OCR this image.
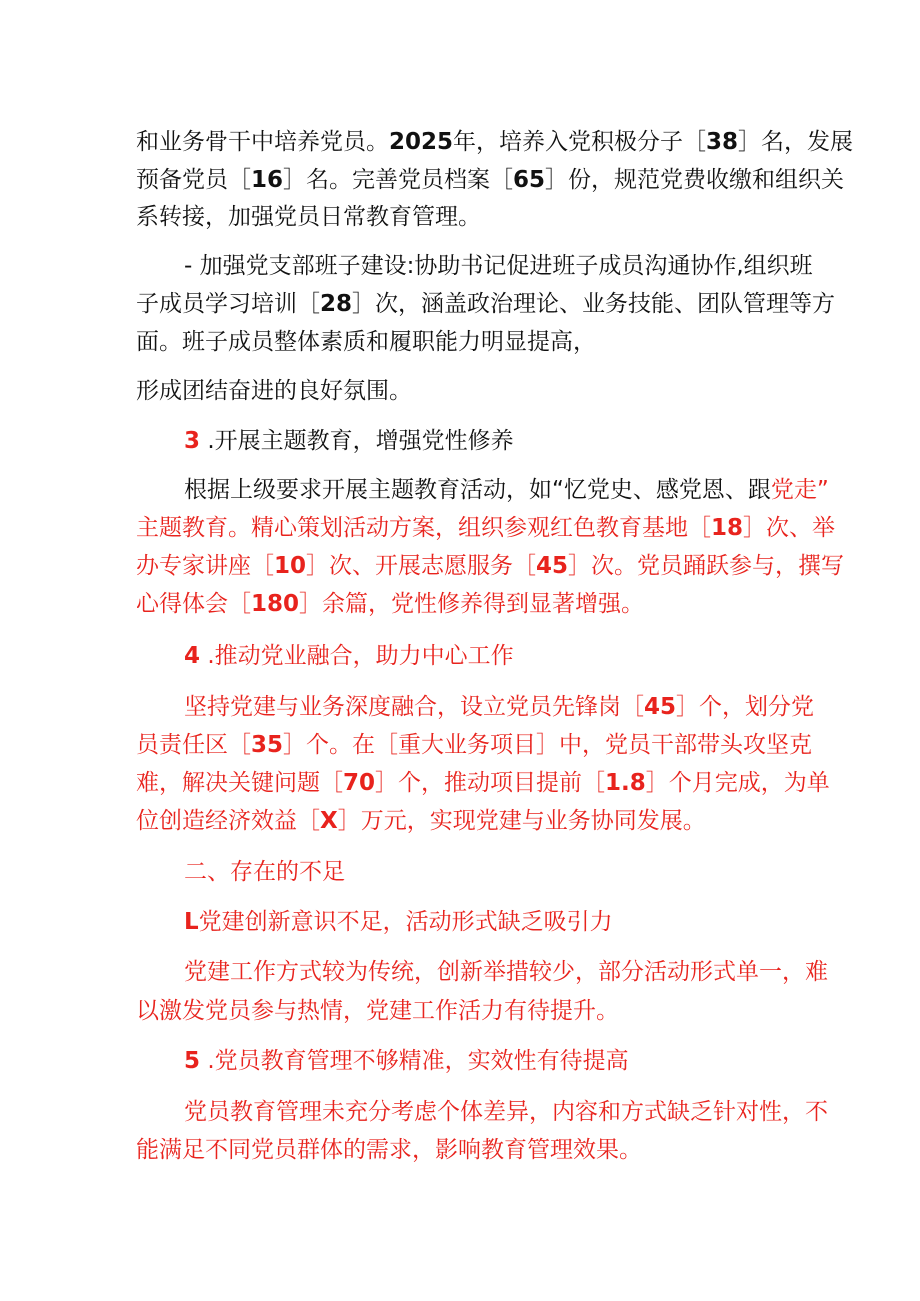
和业务骨干中培养党员。2025年，培养入党积极分子［38］名，发展
预备党员［16］名。完善党员档案［65］份，规范党费收缴和组织关
系转接，加强党员日常教育管理。
- 加强党支部班子建设:协助书记促进班子成员沟通协作,组织班
子成员学习培训［28］次，涵盖政治理论、业务技能、团队管理等方
面。班子成员整体素质和履职能力明显提高，
形成团结奋进的良好氛围。
3 .开展主题教育，增强党性修养
根据上级要求开展主题教育活动，如“忆党史、感党恩、跟党走”
主题教育。精心策划活动方案，组织参观红色教育基地［18］次、举
办专家讲座［10］次、开展志愿服务［45］次。党员踊跃参与，撰写
心得体会［180］余篇，党性修养得到显著增强。
4 .推动党业融合，助力中心工作
坚持党建与业务深度融合，设立党员先锋岗［45］个，划分党
员责任区［35］个。在［重大业务项目］中，党员干部带头攻坚克
难，解决关键问题［70］个，推动项目提前［1.8］个月完成，为单
位创造经济效益［X］万元，实现党建与业务协同发展。
二、存在的不足
L党建创新意识不足，活动形式缺乏吸引力
党建工作方式较为传统，创新举措较少，部分活动形式单一，难
以激发党员参与热情，党建工作活力有待提升。
5 .党员教育管理不够精准，实效性有待提高
党员教育管理未充分考虑个体差异，内容和方式缺乏针对性，不
能满足不同党员群体的需求，影响教育管理效果。
